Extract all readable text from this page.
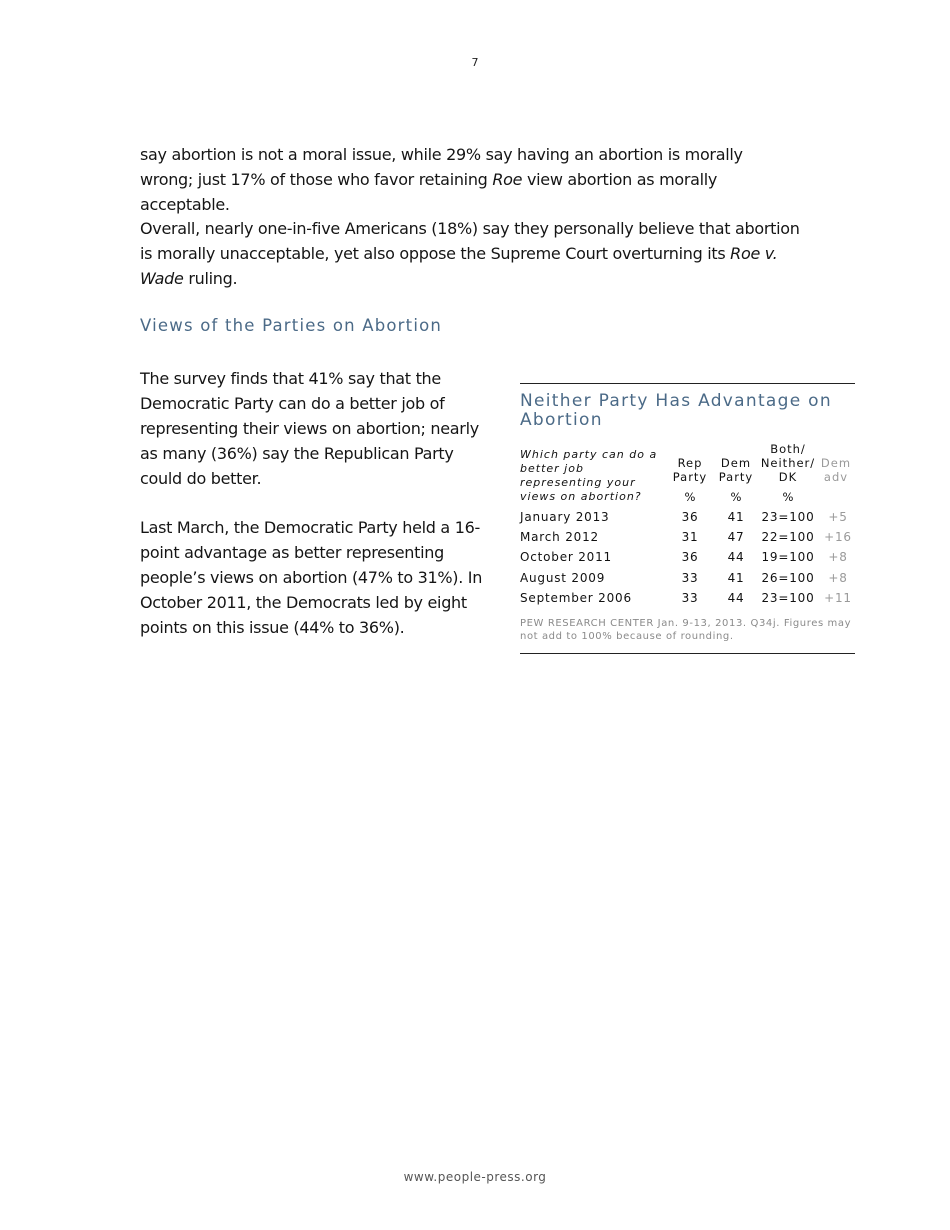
7
say abortion is not a moral issue, while 29% say having an abortion is morally wrong; just 17% of those who favor retaining Roe view abortion as morally acceptable.
Overall, nearly one-in-five Americans (18%) say they personally believe that abortion is morally unacceptable, yet also oppose the Supreme Court overturning its Roe v. Wade ruling.
Views of the Parties on Abortion
The survey finds that 41% say that the Democratic Party can do a better job of representing their views on abortion; nearly as many (36%) say the Republican Party could do better.
Last March, the Democratic Party held a 16-point advantage as better representing people’s views on abortion (47% to 31%). In October 2011, the Democrats led by eight points on this issue (44% to 36%).
Neither Party Has Advantage on Abortion
Which party can do a better job representing your views on abortion?
Rep Party
Dem Party
Both/ Neither/ DK
Dem adv
%	%	%
January 2013	36	41	23=100	+5
March 2012	31	47	22=100 +16
October 2011	36	44	19=100	+8
August 2009	33	41	26=100	+8
September 2006	33	44	23=100 +11
PEW RESEARCH CENTER Jan. 9-13, 2013. Q34j. Figures may not add to 100% because of rounding.
www.people-press.org
